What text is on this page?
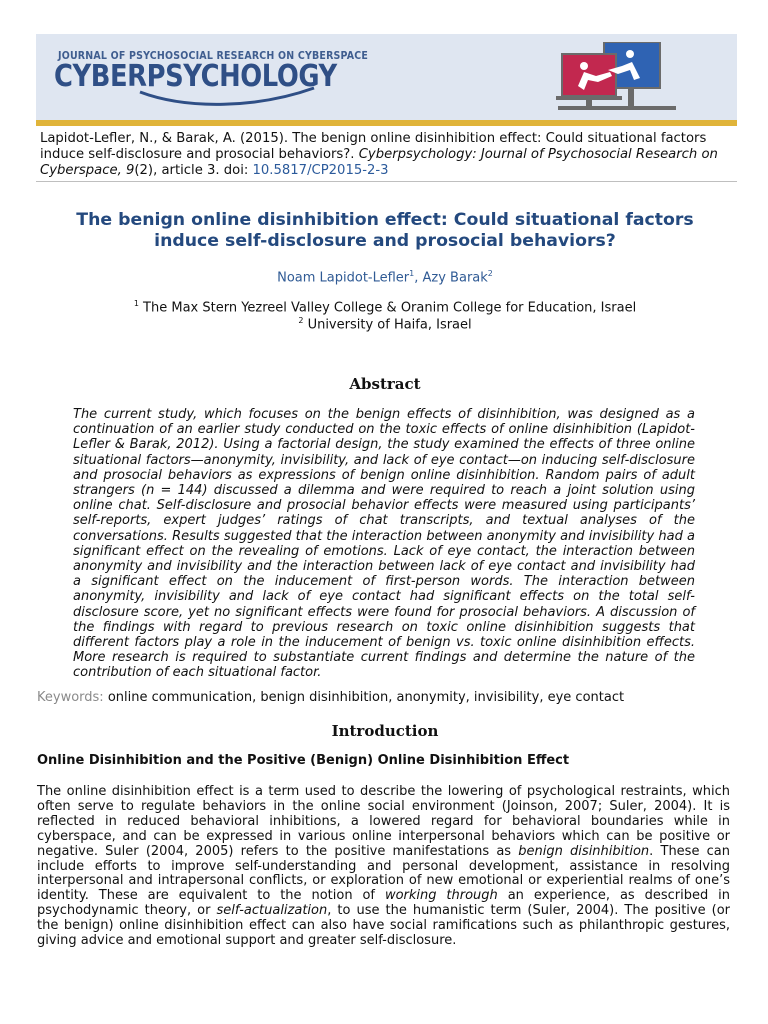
JOURNAL OF PSYCHOSOCIAL RESEARCH ON CYBERSPACE
CYBERPSYCHOLOGY
Lapidot-Lefler, N., & Barak, A. (2015). The benign online disinhibition effect: Could situational factors induce self-disclosure and prosocial behaviors?. Cyberpsychology: Journal of Psychosocial Research on Cyberspace, 9(2), article 3. doi: 10.5817/CP2015-2-3
The benign online disinhibition effect: Could situational factors
induce self-disclosure and prosocial behaviors?
Noam Lapidot-Lefler$^1$, Azy Barak$^2$
$^1$ The Max Stern Yezreel Valley College & Oranim College for Education, Israel
$^2$ University of Haifa, Israel
Abstract
The current study, which focuses on the benign effects of disinhibition, was designed as a continuation of an earlier study conducted on the toxic effects of online disinhibition (Lapidot-Lefler & Barak, 2012). Using a factorial design, the study examined the effects of three online situational factors—anonymity, invisibility, and lack of eye contact—on inducing self-disclosure and prosocial behaviors as expressions of benign online disinhibition. Random pairs of adult strangers (n = 144) discussed a dilemma and were required to reach a joint solution using online chat. Self-disclosure and prosocial behavior effects were measured using participants’ self-reports, expert judges’ ratings of chat transcripts, and textual analyses of the conversations. Results suggested that the interaction between anonymity and invisibility had a significant effect on the revealing of emotions. Lack of eye contact, the interaction between anonymity and invisibility and the interaction between lack of eye contact and invisibility had a significant effect on the inducement of first-person words. The interaction between anonymity, invisibility and lack of eye contact had significant effects on the total self-disclosure score, yet no significant effects were found for prosocial behaviors. A discussion of the findings with regard to previous research on toxic online disinhibition suggests that different factors play a role in the inducement of benign vs. toxic online disinhibition effects. More research is required to substantiate current findings and determine the nature of the contribution of each situational factor.
Keywords: online communication, benign disinhibition, anonymity, invisibility, eye contact
Introduction
Online Disinhibition and the Positive (Benign) Online Disinhibition Effect
The online disinhibition effect is a term used to describe the lowering of psychological restraints, which often serve to regulate behaviors in the online social environment (Joinson, 2007; Suler, 2004). It is reflected in reduced behavioral inhibitions, a lowered regard for behavioral boundaries while in cyberspace, and can be expressed in various online interpersonal behaviors which can be positive or negative. Suler (2004, 2005) refers to the positive manifestations as benign disinhibition. These can include efforts to improve self-understanding and personal development, assistance in resolving interpersonal and intrapersonal conflicts, or exploration of new emotional or experiential realms of one’s identity. These are equivalent to the notion of working through an experience, as described in psychodynamic theory, or self-actualization, to use the humanistic term (Suler, 2004). The positive (or the benign) online disinhibition effect can also have social ramifications such as philanthropic gestures, giving advice and emotional support and greater self-disclosure.
